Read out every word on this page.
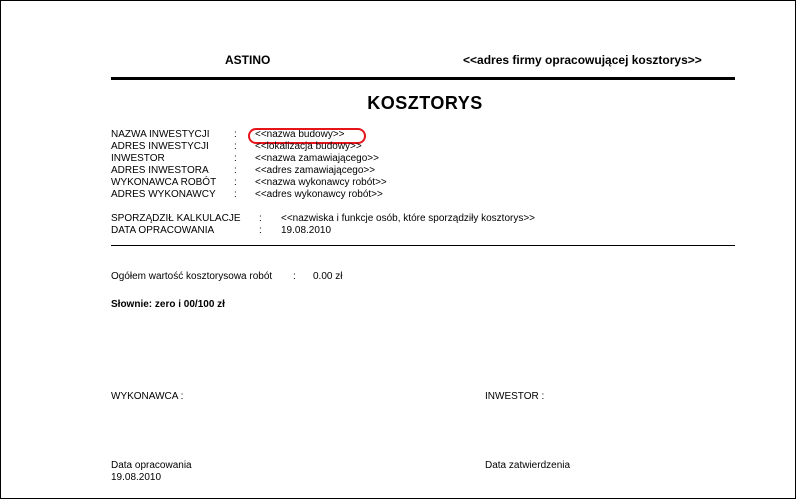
ASTINO	<<adres firmy opracowującej kosztorys>>
KOSZTORYS
NAZWA INWESTYCJI : <<nazwa budowy>>
ADRES INWESTYCJI	: <<lokalizacja budowy>>
INWESTOR	: <<nazwa zamawiającego>>
ADRES INWESTORA	: <<adres zamawiającego>>
WYKONAWCA ROBÓT : <<nazwa wykonawcy robót>>
ADRES WYKONAWCY : <<adres wykonawcy robót>>
SPORZĄDZIŁ KALKULACJE : <<nazwiska i funkcje osób, które sporządziły kosztorys>>
DATA OPRACOWANIA	: 19.08.2010
Ogółem wartość kosztorysowa robót	: 0.00 zł
Słownie: zero i 00/100 zł
WYKONAWCA :	INWESTOR :
Data opracowania
19.08.2010
Data zatwierdzenia
